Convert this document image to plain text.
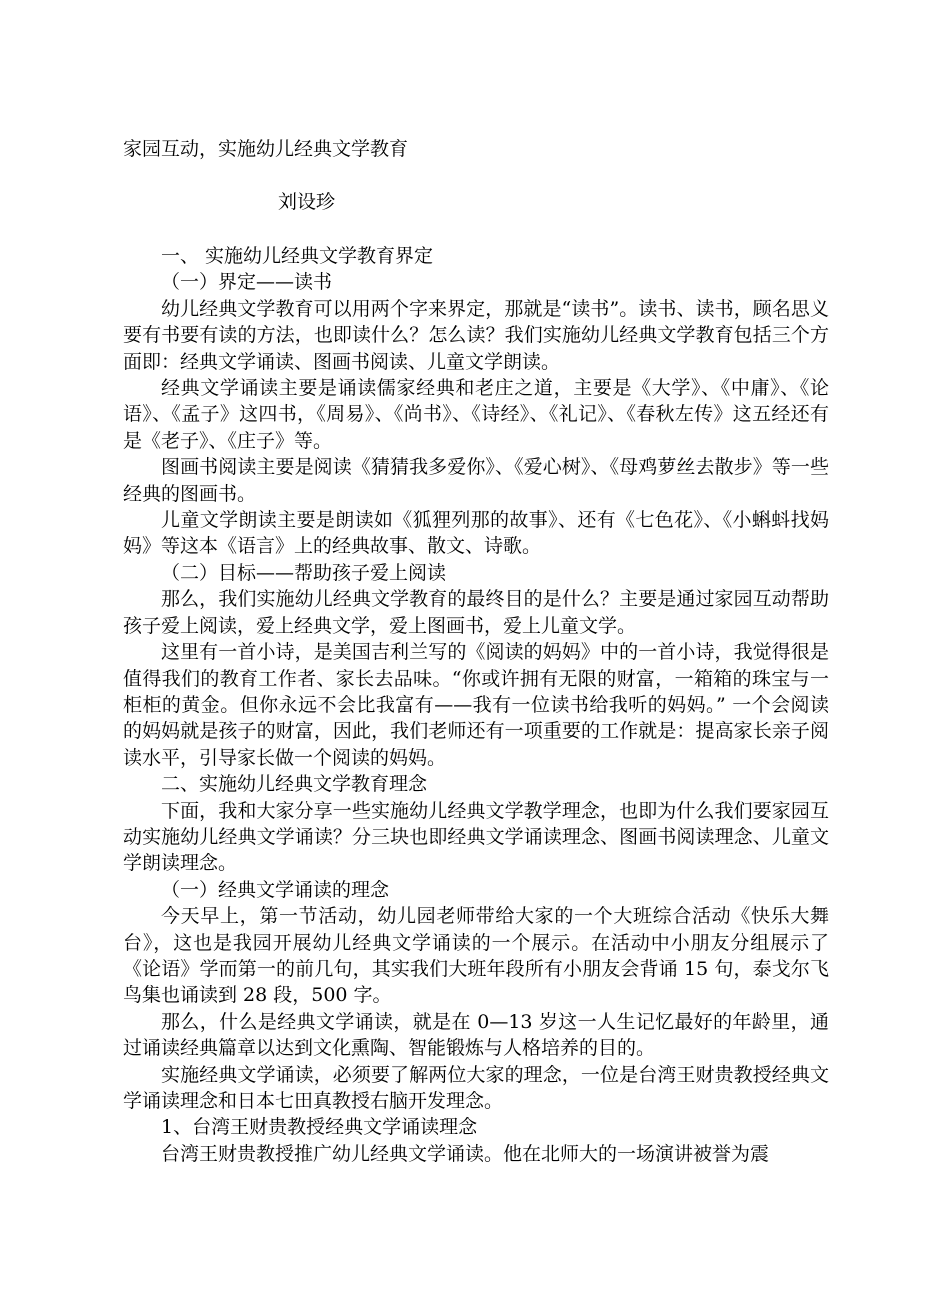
家园互动，实施幼儿经典文学教育
刘设珍

一、 实施幼儿经典文学教育界定

（一）界定——读书

幼儿经典文学教育可以用两个字来界定，那就是“读书”。读书、读书，顾名思义要有书要有读的方法，也即读什么？怎么读？我们实施幼儿经典文学教育包括三个方面即：经典文学诵读、图画书阅读、儿童文学朗读。

经典文学诵读主要是诵读儒家经典和老庄之道，主要是《大学》、《中庸》、《论语》、《孟子》这四书，《周易》、《尚书》、《诗经》、《礼记》、《春秋左传》这五经还有是《老子》、《庄子》等。

图画书阅读主要是阅读《猜猜我多爱你》、《爱心树》、《母鸡萝丝去散步》等一些经典的图画书。

儿童文学朗读主要是朗读如《狐狸列那的故事》、还有《七色花》、《小蝌蚪找妈妈》等这本《语言》上的经典故事、散文、诗歌。

（二）目标——帮助孩子爱上阅读

那么，我们实施幼儿经典文学教育的最终目的是什么？主要是通过家园互动帮助孩子爱上阅读，爱上经典文学，爱上图画书，爱上儿童文学。

这里有一首小诗，是美国吉利兰写的《阅读的妈妈》中的一首小诗，我觉得很是值得我们的教育工作者、家长去品味。“你或许拥有无限的财富，一箱箱的珠宝与一柜柜的黄金。但你永远不会比我富有——我有一位读书给我听的妈妈。” 一个会阅读的妈妈就是孩子的财富，因此，我们老师还有一项重要的工作就是：提高家长亲子阅读水平，引导家长做一个阅读的妈妈。

二、实施幼儿经典文学教育理念

下面，我和大家分享一些实施幼儿经典文学教学理念，也即为什么我们要家园互动实施幼儿经典文学诵读？分三块也即经典文学诵读理念、图画书阅读理念、儿童文学朗读理念。

（一）经典文学诵读的理念

今天早上，第一节活动，幼儿园老师带给大家的一个大班综合活动《快乐大舞台》，这也是我园开展幼儿经典文学诵读的一个展示。在活动中小朋友分组展示了《论语》学而第一的前几句，其实我们大班年段所有小朋友会背诵 15 句，泰戈尔飞鸟集也诵读到 28 段，500 字。

那么，什么是经典文学诵读，就是在 0—13 岁这一人生记忆最好的年龄里，通过诵读经典篇章以达到文化熏陶、智能锻炼与人格培养的目的。

实施经典文学诵读，必须要了解两位大家的理念，一位是台湾王财贵教授经典文学诵读理念和日本七田真教授右脑开发理念。

1、台湾王财贵教授经典文学诵读理念

台湾王财贵教授推广幼儿经典文学诵读。他在北师大的一场演讲被誉为震
